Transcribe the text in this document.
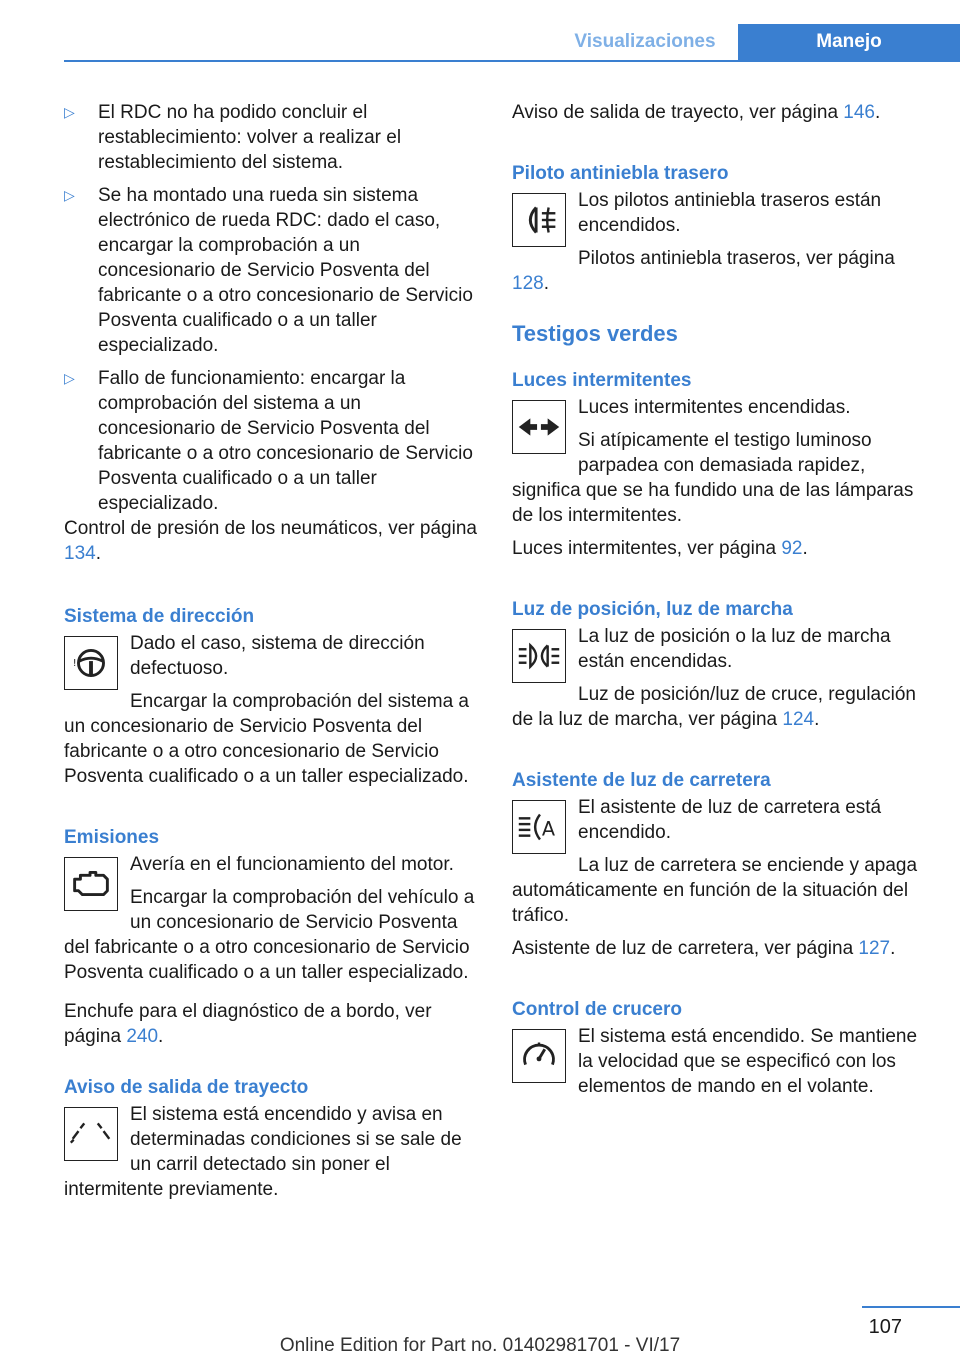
Visualizaciones	Manejo
▷	El RDC no ha podido concluir el restablecimiento: volver a realizar el restablecimiento del sistema.

▷	Se ha montado una rueda sin sistema electrónico de rueda RDC: dado el caso, encargar la comprobación a un concesionario de Servicio Posventa del fabricante o a otro concesionario de Servicio Posventa cualificado o a un taller especializado.

▷	Fallo de funcionamiento: encargar la comprobación del sistema a un concesionario de Servicio Posventa del fabricante o a otro concesionario de Servicio Posventa cualificado o a un taller especializado.

Control de presión de los neumáticos, ver página 134.

Sistema de dirección
!

Dado el caso, sistema de dirección defectuoso.

Encargar la comprobación del sistema a un concesionario de Servicio Posventa del fabricante o a otro concesionario de Servicio Posventa cualificado o a un taller especializado.

Emisiones

Avería en el funcionamiento del motor.

Encargar la comprobación del vehículo a un concesionario de Servicio Posventa del fabricante o a otro concesionario de Servicio Posventa cualificado o a un taller especializado.

Enchufe para el diagnóstico de a bordo, ver página 240.

Aviso de salida de trayecto

El sistema está encendido y avisa en determinadas condiciones si se sale de un carril detectado sin poner el intermitente previamente.

Aviso de salida de trayecto, ver página 146.

Piloto antiniebla trasero

Los pilotos antiniebla traseros están encendidos.

Pilotos antiniebla traseros, ver página 128.

Testigos verdes
Luces intermitentes

Luces intermitentes encendidas.

Si atípicamente el testigo luminoso parpadea con demasiada rapidez, significa que se ha fundido una de las lámparas de los intermitentes.

Luces intermitentes, ver página 92.

Luz de posición, luz de marcha

La luz de posición o la luz de marcha están encendidas.

Luz de posición/luz de cruce, regulación de la luz de marcha, ver página 124.

Asistente de luz de carretera
A

El asistente de luz de carretera está encendido.

La luz de carretera se enciende y apaga automáticamente en función de la situación del tráfico.

Asistente de luz de carretera, ver página 127.

Control de crucero

El sistema está encendido. Se mantiene la velocidad que se especificó con los elementos de mando en el volante.

107
Online Edition for Part no. 01402981701 - VI/17
